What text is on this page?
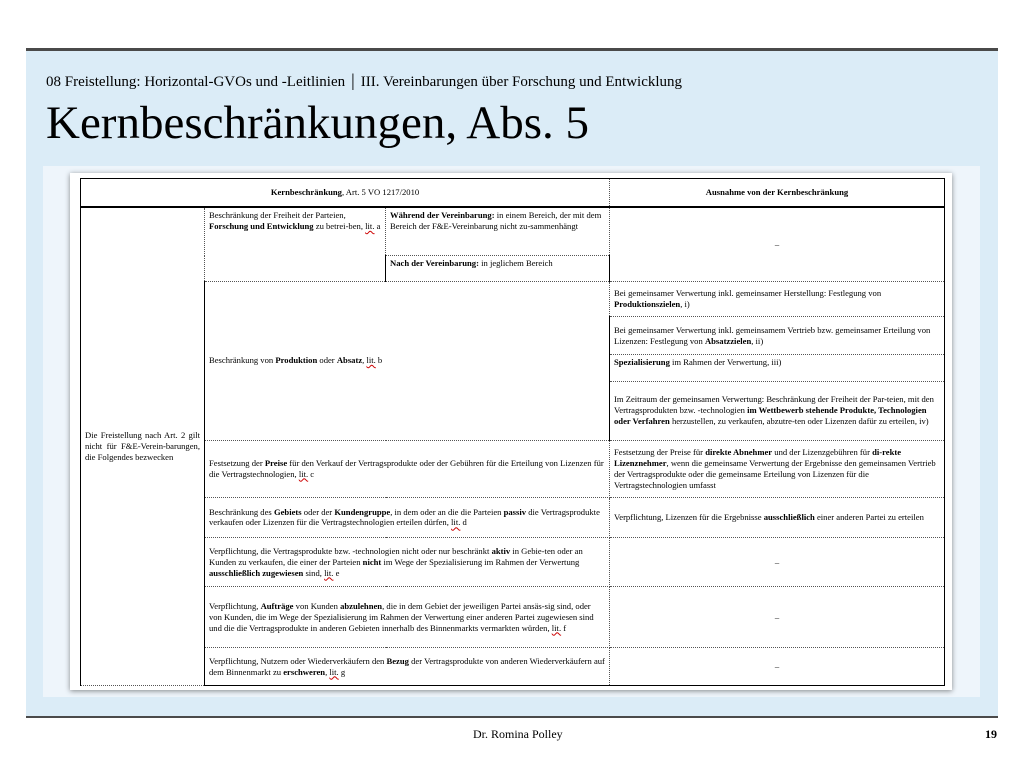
08 Freistellung: Horizontal-GVOs und -Leitlinien | III. Vereinbarungen über Forschung und Entwicklung
Kernbeschränkungen, Abs. 5
Kernbeschränkung, Art. 5 VO 1217/2010			Ausnahme von der Kernbeschränkung
Die Freistellung nach Art. 2 gilt nicht für F&E-Verein-barungen, die Folgendes bezwecken	Beschränkung der Freiheit der Parteien, Forschung und Entwicklung zu betrei-ben, lit. a	Während der Vereinbarung: in einem Bereich, der mit dem Bereich der F&E-Vereinbarung nicht zu-sammenhängt	–
		Nach der Vereinbarung: in jeglichem Bereich	
	Beschränkung von Produktion oder Absatz, lit. b		Bei gemeinsamer Verwertung inkl. gemeinsamer Herstellung: Festlegung von Produktionszielen, i)
			Bei gemeinsamer Verwertung inkl. gemeinsamem Vertrieb bzw. gemeinsamer Erteilung von Lizenzen: Festlegung von Absatzzielen, ii)
			Spezialisierung im Rahmen der Verwertung, iii)
			Im Zeitraum der gemeinsamen Verwertung: Beschränkung der Freiheit der Par-teien, mit den Vertragsprodukten bzw. -technologien im Wettbewerb stehende Produkte, Technologien oder Verfahren herzustellen, zu verkaufen, abzutre-ten oder Lizenzen dafür zu erteilen, iv)
	Festsetzung der Preise für den Verkauf der Vertragsprodukte oder der Gebühren für die Erteilung von Lizenzen für die Vertragstechnologien, lit. c		Festsetzung der Preise für direkte Abnehmer und der Lizenzgebühren für di-rekte Lizenznehmer, wenn die gemeinsame Verwertung der Ergebnisse den gemeinsamen Vertrieb der Vertragsprodukte oder die gemeinsame Erteilung von Lizenzen für die Vertragstechnologien umfasst
	Beschränkung des Gebiets oder der Kundengruppe, in dem oder an die die Parteien passiv die Vertragsprodukte verkaufen oder Lizenzen für die Vertragstechnologien erteilen dürfen, lit. d		Verpflichtung, Lizenzen für die Ergebnisse ausschließlich einer anderen Partei zu erteilen
	Verpflichtung, die Vertragsprodukte bzw. -technologien nicht oder nur beschränkt aktiv in Gebie-ten oder an Kunden zu verkaufen, die einer der Parteien nicht im Wege der Spezialisierung im Rahmen der Verwertung ausschließlich zugewiesen sind, lit. e		–
	Verpflichtung, Aufträge von Kunden abzulehnen, die in dem Gebiet der jeweiligen Partei ansäs-sig sind, oder von Kunden, die im Wege der Spezialisierung im Rahmen der Verwertung einer anderen Partei zugewiesen sind und die die Vertragsprodukte in anderen Gebieten innerhalb des Binnenmarkts vermarkten würden, lit. f		–
	Verpflichtung, Nutzern oder Wiederverkäufern den Bezug der Vertragsprodukte von anderen Wiederverkäufern auf dem Binnenmarkt zu erschweren, lit. g		–
Dr. Romina Polley	19
